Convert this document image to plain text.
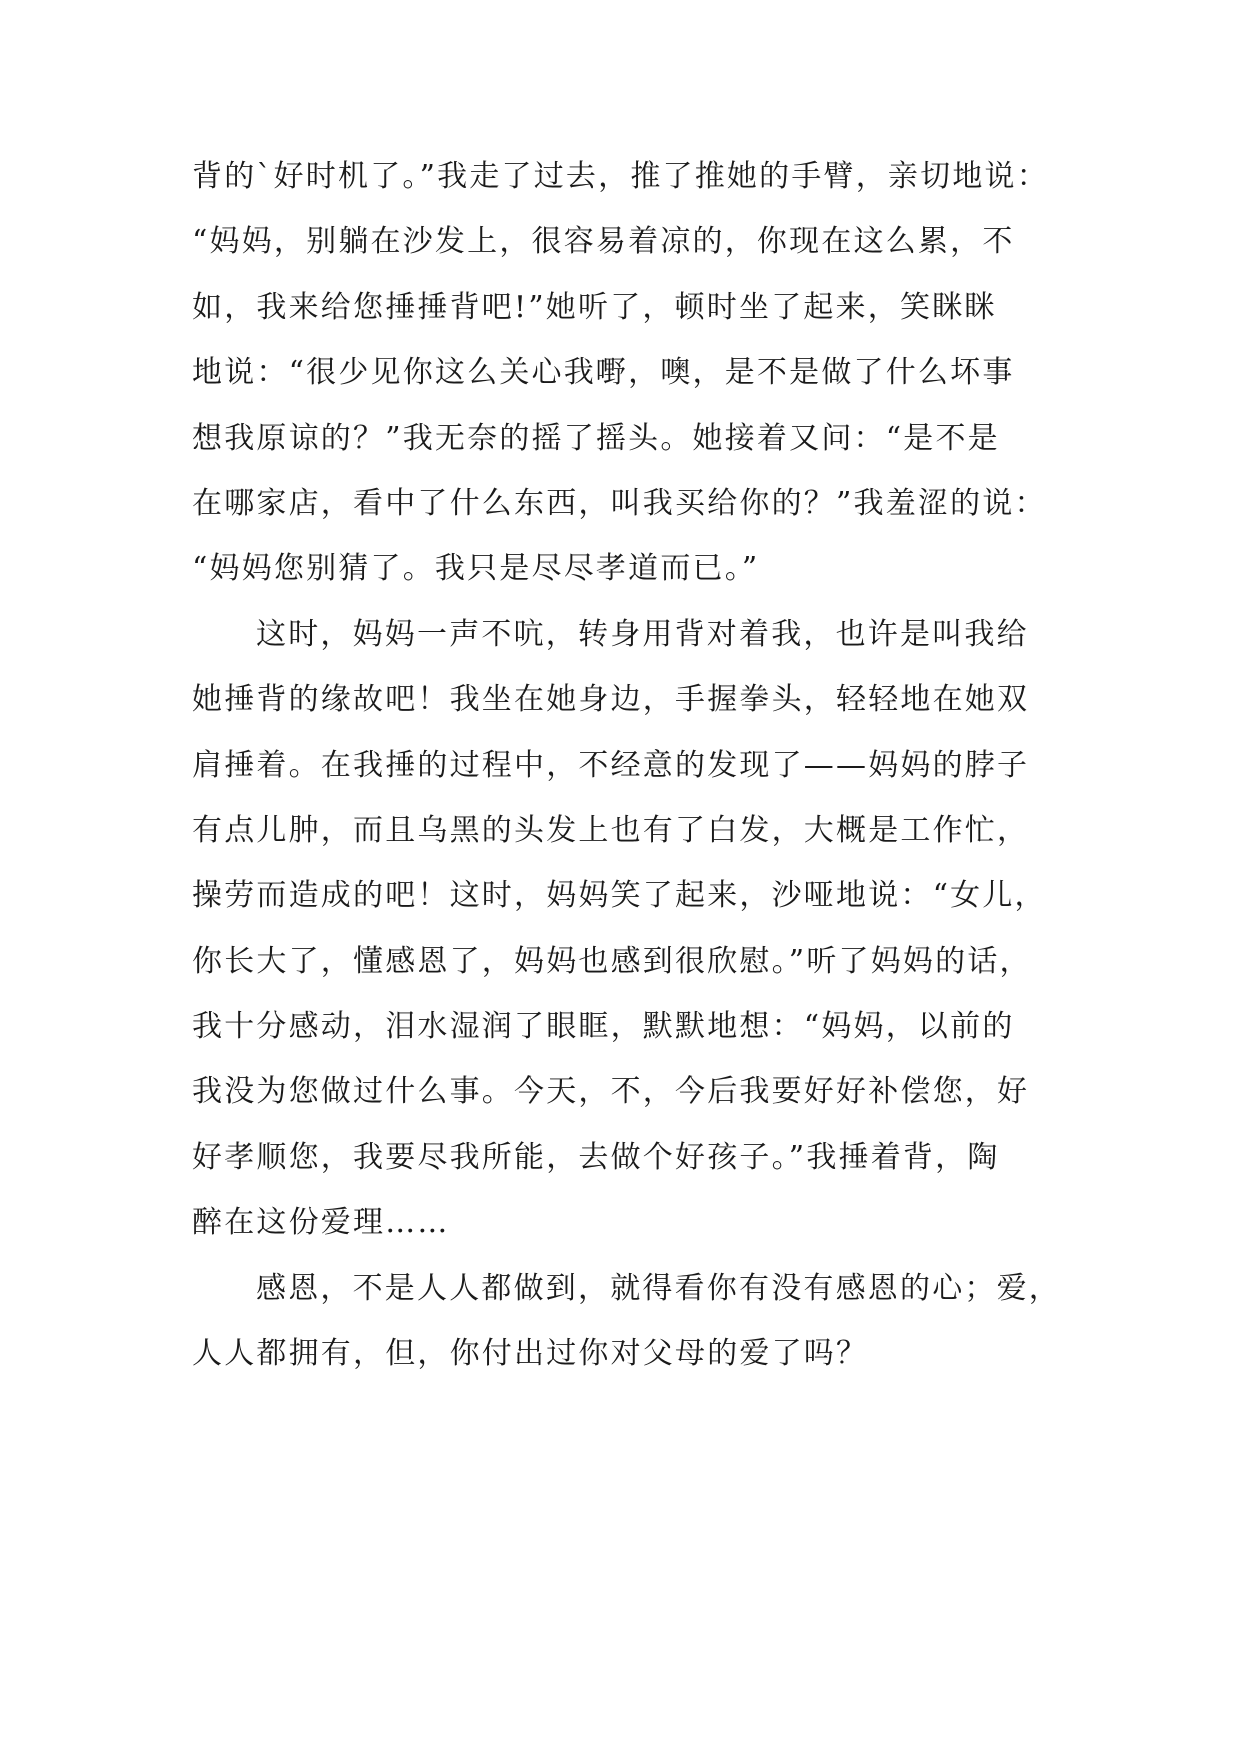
背的`好时机了。”我走了过去，推了推她的手臂，亲切地说：
“妈妈，别躺在沙发上，很容易着凉的，你现在这么累，不
如，我来给您捶捶背吧!”她听了，顿时坐了起来，笑眯眯
地说：“很少见你这么关心我嘢，噢，是不是做了什么坏事
想我原谅的？”我无奈的摇了摇头。她接着又问：“是不是
在哪家店，看中了什么东西，叫我买给你的？”我羞涩的说：
“妈妈您别猜了。我只是尽尽孝道而已。”
这时，妈妈一声不吭，转身用背对着我，也许是叫我给
她捶背的缘故吧！我坐在她身边，手握拳头，轻轻地在她双
肩捶着。在我捶的过程中，不经意的发现了——妈妈的脖子
有点儿肿，而且乌黑的头发上也有了白发，大概是工作忙，
操劳而造成的吧！这时，妈妈笑了起来，沙哑地说：“女儿，
你长大了，懂感恩了，妈妈也感到很欣慰。”听了妈妈的话，
我十分感动，泪水湿润了眼眶，默默地想：“妈妈，以前的
我没为您做过什么事。今天，不，今后我要好好补偿您，好
好孝顺您，我要尽我所能，去做个好孩子。”我捶着背，陶
醉在这份爱理……
感恩，不是人人都做到，就得看你有没有感恩的心；爱，
人人都拥有，但，你付出过你对父母的爱了吗？
